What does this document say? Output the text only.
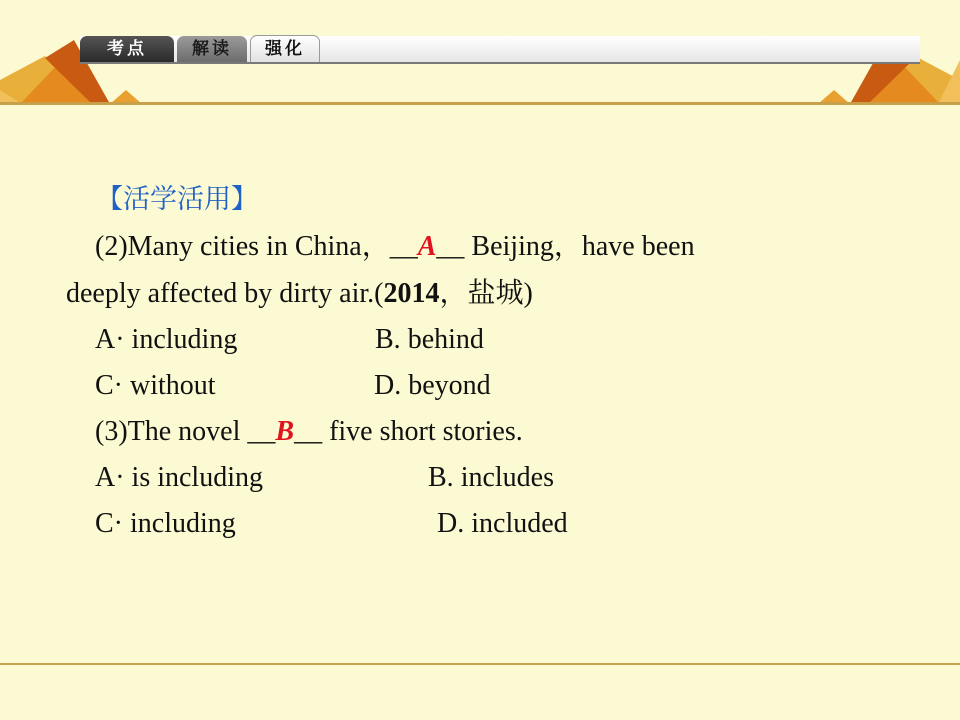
考点	解读	强化
【活学活用】
(2)Many cities in China，__A__ Beijing，have been
deeply affected by dirty air.(2014，盐城)
A· including	B. behind
C· without	D. beyond
(3)The novel __B__ five short stories.
A· is including	B. includes
C· including	D. included
